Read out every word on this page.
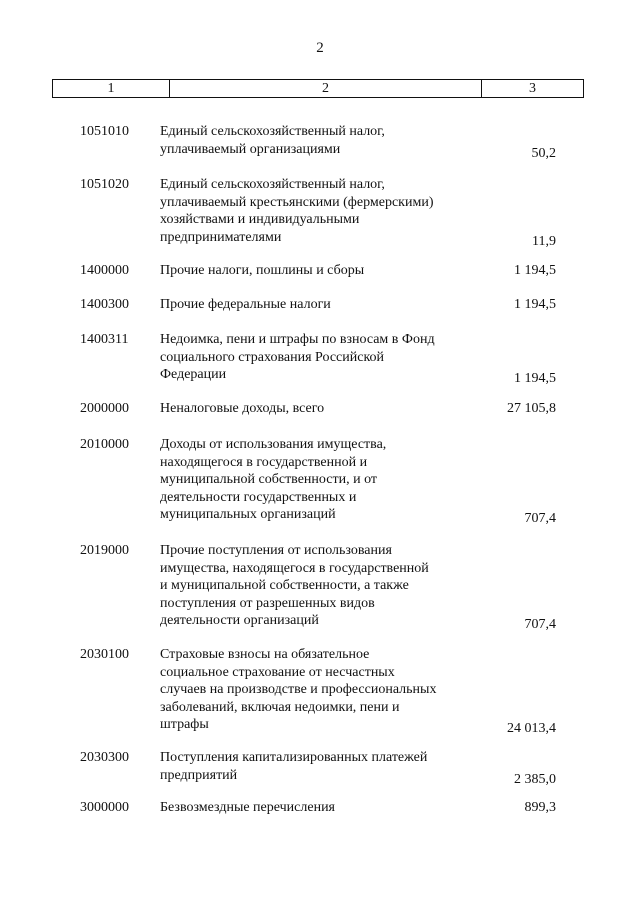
2
1	2	3
1051010 Единый сельскохозяйственный налог,
уплачиваемый организациями	50,2
1051020 Единый сельскохозяйственный налог,
уплачиваемый крестьянскими (фермерскими)
хозяйствами и индивидуальными
предпринимателями	11,9
1400000 Прочие налоги, пошлины и сборы	1 194,5
1400300 Прочие федеральные налоги	1 194,5
1400311 Недоимка, пени и штрафы по взносам в Фонд
социального страхования Российской
Федерации	1 194,5
2000000 Неналоговые доходы, всего	27 105,8
2010000 Доходы от использования имущества,
находящегося в государственной и
муниципальной собственности, и от
деятельности государственных и
муниципальных организаций	707,4
2019000 Прочие поступления от использования
имущества, находящегося в государственной
и муниципальной собственности, а также
поступления от разрешенных видов
деятельности организаций	707,4
2030100 Страховые взносы на обязательное
социальное страхование от несчастных
случаев на производстве и профессиональных
заболеваний, включая недоимки, пени и
штрафы	24 013,4
2030300 Поступления капитализированных платежей
предприятий	2 385,0
3000000 Безвозмездные перечисления	899,3
